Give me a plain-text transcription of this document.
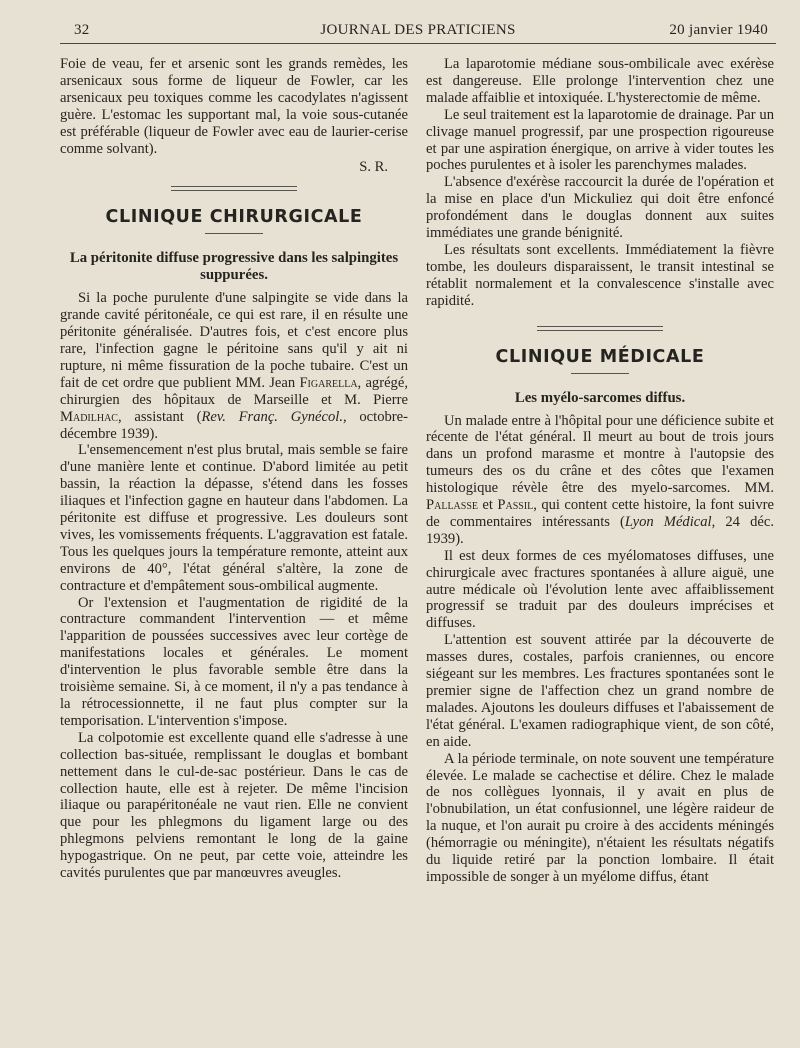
32	JOURNAL DES PRATICIENS	20 janvier 1940

Foie de veau, fer et arsenic sont les grands remèdes, les arsenicaux sous forme de liqueur de Fowler, car les arsenicaux peu toxiques comme les cacodylates n'agissent guère. L'estomac les supportant mal, la voie sous-cutanée est préférable (liqueur de Fowler avec eau de laurier-cerise comme solvant).

S. R.

CLINIQUE CHIRURGICALE

La péritonite diffuse progressive dans les salpingites suppurées.

Si la poche purulente d'une salpingite se vide dans la grande cavité péritonéale, ce qui est rare, il en résulte une péritonite généralisée. D'autres fois, et c'est encore plus rare, l'infection gagne le péritoine sans qu'il y ait ni rupture, ni même fissuration de la poche tubaire. C'est un fait de cet ordre que publient MM. Jean Figarella, agrégé, chirurgien des hôpitaux de Marseille et M. Pierre Madilhac, assistant (Rev. Franç. Gynécol., octobre-décembre 1939).

L'ensemencement n'est plus brutal, mais semble se faire d'une manière lente et continue. D'abord limitée au petit bassin, la réaction la dépasse, s'étend dans les fosses iliaques et l'infection gagne en hauteur dans l'abdomen. La péritonite est diffuse et progressive. Les douleurs sont vives, les vomissements fréquents. L'aggravation est fatale. Tous les quelques jours la température remonte, atteint aux environs de 40°, l'état général s'altère, la zone de contracture et d'empâtement sous-ombilical augmente.

Or l'extension et l'augmentation de rigidité de la contracture commandent l'intervention — et même l'apparition de poussées successives avec leur cortège de manifestations locales et générales. Le moment d'intervention le plus favorable semble être dans la troisième semaine. Si, à ce moment, il n'y a pas tendance à la rétrocessionnette, il ne faut plus compter sur la temporisation. L'intervention s'impose.

La colpotomie est excellente quand elle s'adresse à une collection bas-située, remplissant le douglas et bombant nettement dans le cul-de-sac postérieur. Dans le cas de collection haute, elle est à rejeter. De même l'incision iliaque ou parapéritonéale ne vaut rien. Elle ne convient que pour les phlegmons du ligament large ou des phlegmons pelviens remontant le long de la gaine hypogastrique. On ne peut, par cette voie, atteindre les cavités purulentes que par manœuvres aveugles.

La laparotomie médiane sous-ombilicale avec exérèse est dangereuse. Elle prolonge l'intervention chez une malade affaiblie et intoxiquée. L'hysterectomie de même.

Le seul traitement est la laparotomie de drainage. Par un clivage manuel progressif, par une prospection rigoureuse et par une aspiration énergique, on arrive à vider toutes les poches purulentes et à isoler les parenchymes malades.

L'absence d'exérèse raccourcit la durée de l'opération et la mise en place d'un Mickuliez qui doit être enfoncé profondément dans le douglas donnent aux suites immédiates une grande bénignité.

Les résultats sont excellents. Immédiatement la fièvre tombe, les douleurs disparaissent, le transit intestinal se rétablit normalement et la convalescence s'installe avec rapidité.

CLINIQUE MÉDICALE

Les myélo-sarcomes diffus.

Un malade entre à l'hôpital pour une déficience subite et récente de l'état général. Il meurt au bout de trois jours dans un profond marasme et montre à l'autopsie des tumeurs des os du crâne et des côtes que l'examen histologique révèle être des myelo-sarcomes. MM. Pallasse et Passil, qui content cette histoire, la font suivre de commentaires intéressants (Lyon Médical, 24 déc. 1939).

Il est deux formes de ces myélomatoses diffuses, une chirurgicale avec fractures spontanées à allure aiguë, une autre médicale où l'évolution lente avec affaiblissement progressif se traduit par des douleurs imprécises et diffuses.

L'attention est souvent attirée par la découverte de masses dures, costales, parfois craniennes, ou encore siégeant sur les membres. Les fractures spontanées sont le premier signe de l'affection chez un grand nombre de malades. Ajoutons les douleurs diffuses et l'abaissement de l'état général. L'examen radiographique vient, de son côté, en aide.

A la période terminale, on note souvent une température élevée. Le malade se cachectise et délire. Chez le malade de nos collègues lyonnais, il y avait en plus de l'obnubilation, un état confusionnel, une légère raideur de la nuque, et l'on aurait pu croire à des accidents méningés (hémorragie ou méningite), n'étaient les résultats négatifs du liquide retiré par la ponction lombaire. Il était impossible de songer à un myélome diffus, étant
